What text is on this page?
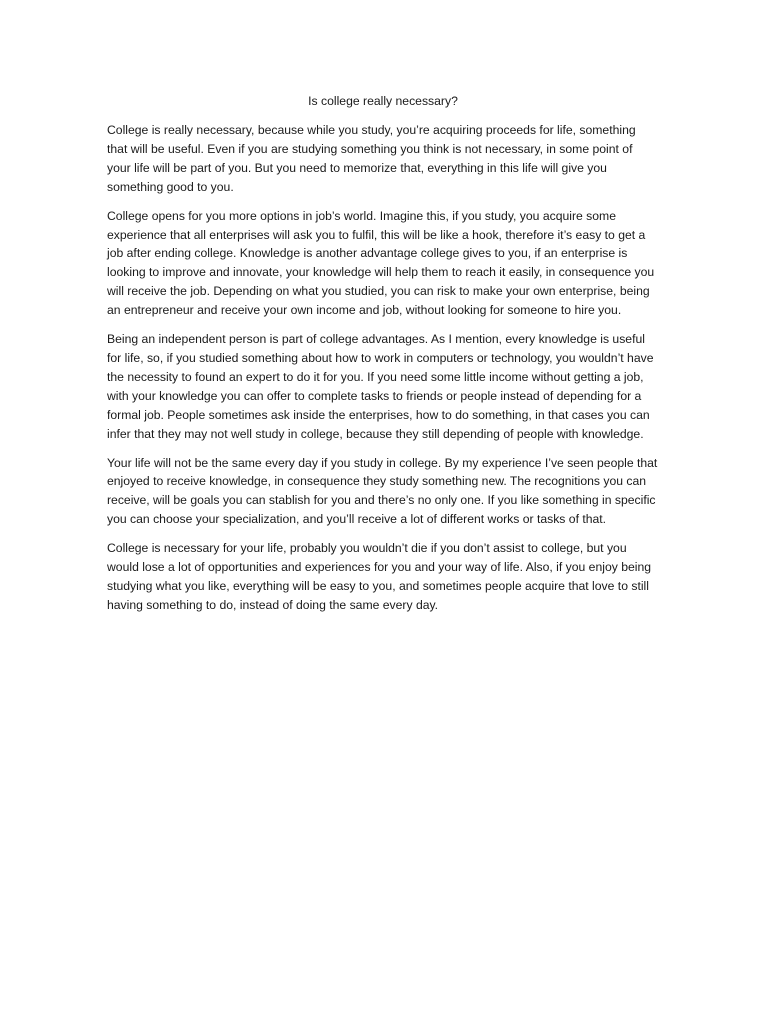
Is college really necessary?

College is really necessary, because while you study, you’re acquiring proceeds for life, something that will be useful. Even if you are studying something you think is not necessary, in some point of your life will be part of you. But you need to memorize that, everything in this life will give you something good to you.

College opens for you more options in job’s world. Imagine this, if you study, you acquire some experience that all enterprises will ask you to fulfil, this will be like a hook, therefore it’s easy to get a job after ending college. Knowledge is another advantage college gives to you, if an enterprise is looking to improve and innovate, your knowledge will help them to reach it easily, in consequence you will receive the job. Depending on what you studied, you can risk to make your own enterprise, being an entrepreneur and receive your own income and job, without looking for someone to hire you.

Being an independent person is part of college advantages. As I mention, every knowledge is useful for life, so, if you studied something about how to work in computers or technology, you wouldn’t have the necessity to found an expert to do it for you. If you need some little income without getting a job, with your knowledge you can offer to complete tasks to friends or people instead of depending for a formal job. People sometimes ask inside the enterprises, how to do something, in that cases you can infer that they may not well study in college, because they still depending of people with knowledge.

Your life will not be the same every day if you study in college. By my experience I’ve seen people that enjoyed to receive knowledge, in consequence they study something new. The recognitions you can receive, will be goals you can stablish for you and there’s no only one. If you like something in specific you can choose your specialization, and you’ll receive a lot of different works or tasks of that.

College is necessary for your life, probably you wouldn’t die if you don’t assist to college, but you would lose a lot of opportunities and experiences for you and your way of life. Also, if you enjoy being studying what you like, everything will be easy to you, and sometimes people acquire that love to still having something to do, instead of doing the same every day.
